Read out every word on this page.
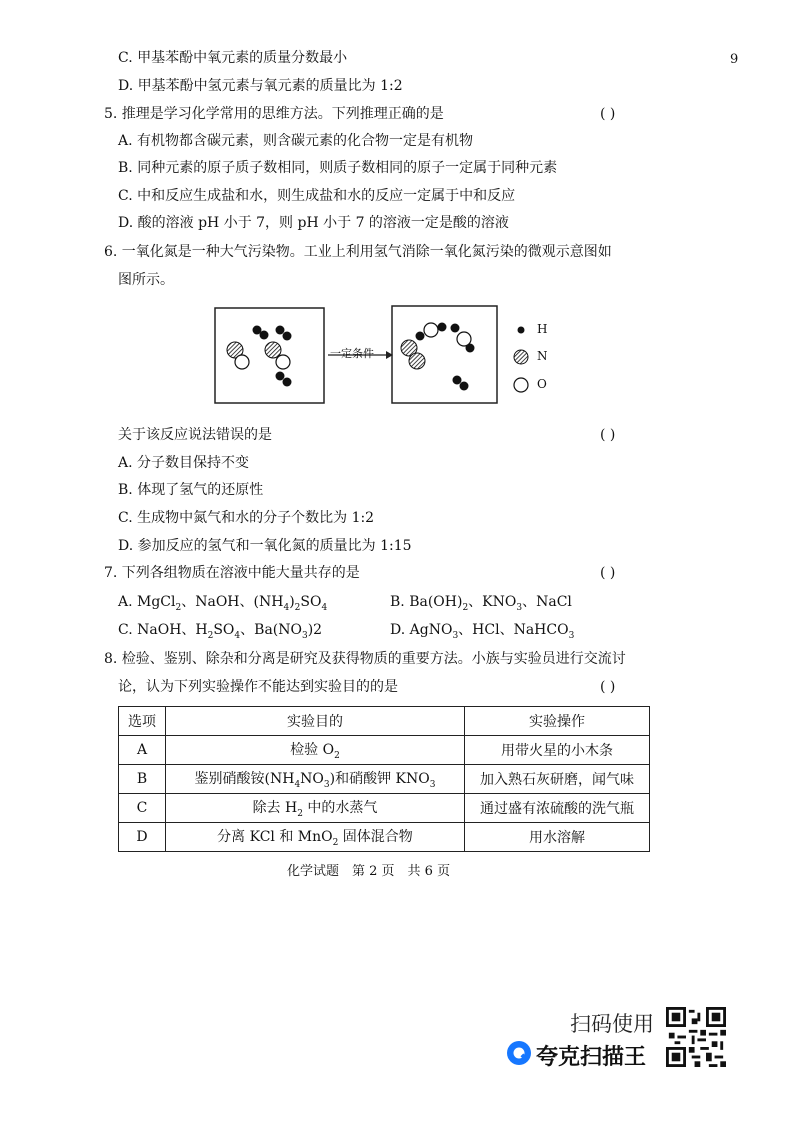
9
C. 甲基苯酚中氧元素的质量分数最小
D. 甲基苯酚中氢元素与氧元素的质量比为 1:2
5. 推理是学习化学常用的思维方法。下列推理正确的是	( )
A. 有机物都含碳元素，则含碳元素的化合物一定是有机物
B. 同种元素的原子质子数相同，则质子数相同的原子一定属于同种元素
C. 中和反应生成盐和水，则生成盐和水的反应一定属于中和反应
D. 酸的溶液 pH 小于 7，则 pH 小于 7 的溶液一定是酸的溶液
6. 一氧化氮是一种大气污染物。工业上利用氢气消除一氧化氮污染的微观示意图如
图所示。
H
N
O
一定条件
关于该反应说法错误的是	( )
A. 分子数目保持不变
B. 体现了氢气的还原性
C. 生成物中氮气和水的分子个数比为 1:2
D. 参加反应的氢气和一氧化氮的质量比为 1:15
7. 下列各组物质在溶液中能大量共存的是	( )
A. MgCl$_2$、NaOH、$(NH_4)_2SO_4$	B. $Ba(OH)_2$、$KNO_3$、NaCl
C. NaOH、$H_2SO_4$、$Ba(NO_3)2$	D. AgNO$_3$、HCl、NaHCO$_3$
8. 检验、鉴别、除杂和分离是研究及获得物质的重要方法。小族与实验员进行交流讨
论，认为下列实验操作不能达到实验目的的是	( )
选项	实验目的	实验操作
A	检验 $O_2$	用带火星的小木条
B	鉴别硝酸铵$(NH_4NO_3)$和硝酸钾 $KNO_3$	加入熟石灰研磨，闻气味
C	除去 $H_2$ 中的水蒸气	通过盛有浓硫酸的洗气瓶
D	分离 KCl 和 MnO$_2$ 固体混合物	用水溶解
化学试题　第 2 页　共 6 页
扫码使用
夸克扫描王
